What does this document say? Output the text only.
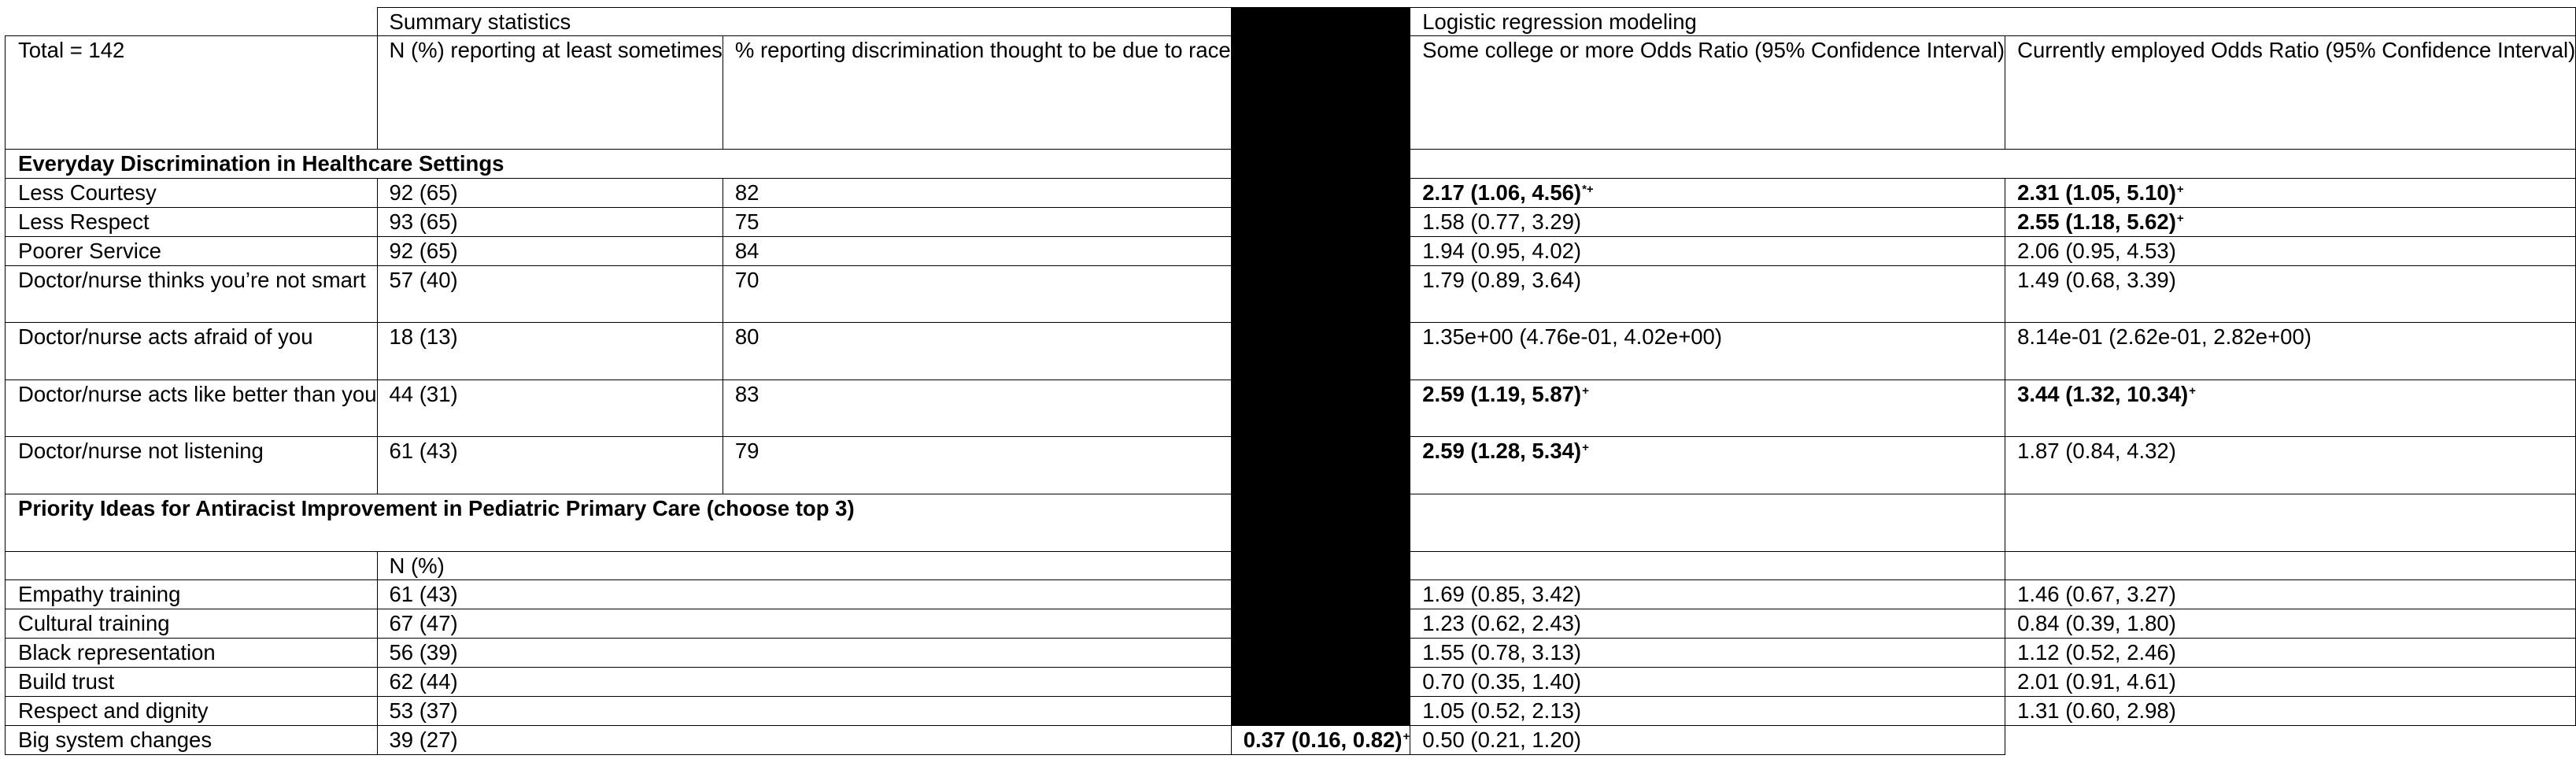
	Summary statistics			Logistic regression modeling	
Total = 142	N (%) reporting at least sometimes	% reporting discrimination thought to be due to race		Some college or more Odds Ratio (95% Confidence Interval)	Currently employed Odds Ratio (95% Confidence Interval)
Everyday Discrimination in Healthcare Settings					
Less Courtesy	92 (65)	82		2.17 (1.06, 4.56)*+	2.31 (1.05, 5.10)+
Less Respect	93 (65)	75		1.58 (0.77, 3.29)	2.55 (1.18, 5.62)+
Poorer Service	92 (65)	84		1.94 (0.95, 4.02)	2.06 (0.95, 4.53)
Doctor/nurse thinks you’re not smart	57 (40)	70		1.79 (0.89, 3.64)	1.49 (0.68, 3.39)
Doctor/nurse acts afraid of you	18 (13)	80		1.35e+00 (4.76e-01, 4.02e+00)	8.14e-01 (2.62e-01, 2.82e+00)
Doctor/nurse acts like better than you	44 (31)	83		2.59 (1.19, 5.87)+	3.44 (1.32, 10.34)+
Doctor/nurse not listening	61 (43)	79		2.59 (1.28, 5.34)+	1.87 (0.84, 4.32)
Priority Ideas for Antiracist Improvement in Pediatric Primary Care (choose top 3)					
	N (%)				
Empathy training	61 (43)			1.69 (0.85, 3.42)	1.46 (0.67, 3.27)
Cultural training	67 (47)			1.23 (0.62, 2.43)	0.84 (0.39, 1.80)
Black representation	56 (39)			1.55 (0.78, 3.13)	1.12 (0.52, 2.46)
Build trust	62 (44)			0.70 (0.35, 1.40)	2.01 (0.91, 4.61)
Respect and dignity	53 (37)			1.05 (0.52, 2.13)	1.31 (0.60, 2.98)
Big system changes	39 (27)		0.37 (0.16, 0.82)+	0.50 (0.21, 1.20)	
